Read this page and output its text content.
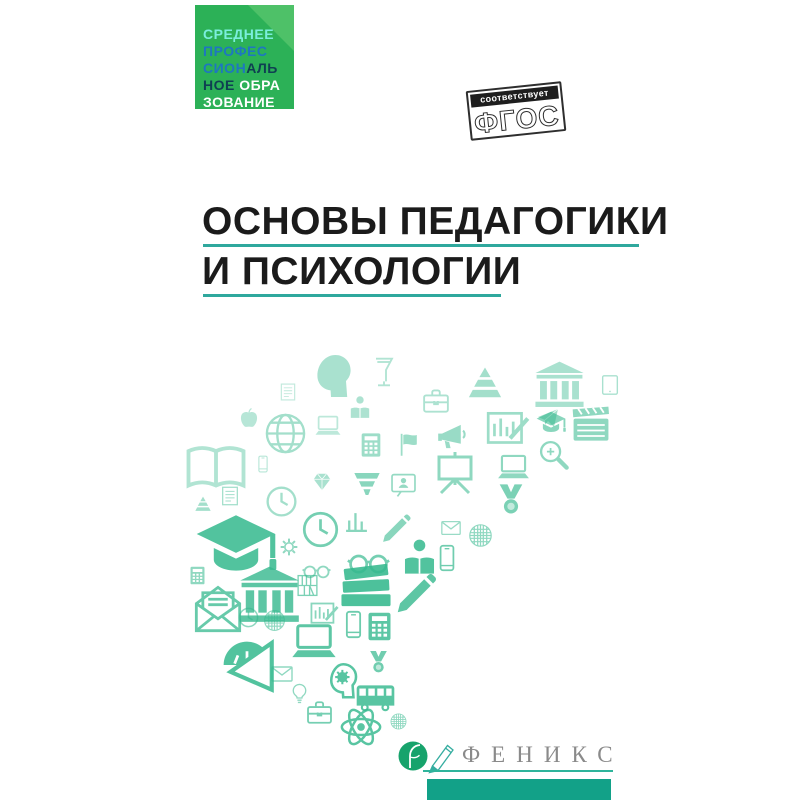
СРЕДНЕЕ
ПРОФЕС
СИОНАЛЬ
НОЕ ОБРА
ЗОВАНИЕ	соответствует
ФГОС
ОСНОВЫ ПЕДАГОГИКИ
И ПСИХОЛОГИИ
ФЕНИКС
